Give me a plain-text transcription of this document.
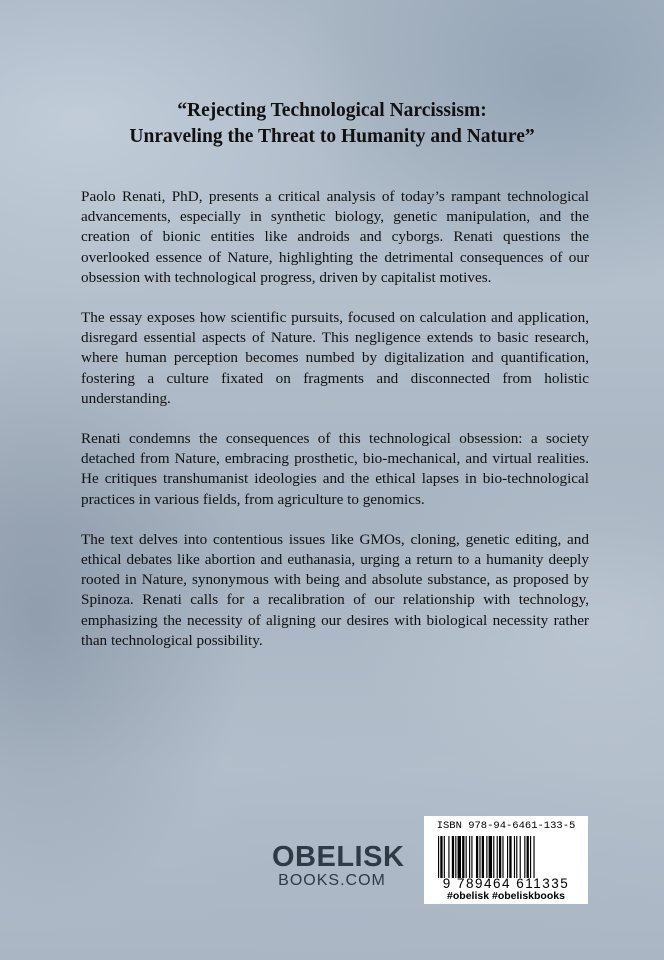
“Rejecting Technological Narcissism:
Unraveling the Threat to Humanity and Nature”

Paolo Renati, PhD, presents a critical analysis of today’s rampant technological advancements, especially in synthetic biology, genetic manipulation, and the creation of bionic entities like androids and cyborgs. Renati questions the overlooked essence of Nature, highlighting the detrimental consequences of our obsession with technological progress, driven by capitalist motives.

The essay exposes how scientific pursuits, focused on calculation and application, disregard essential aspects of Nature. This negligence extends to basic research, where human perception becomes numbed by digitalization and quantification, fostering a culture fixated on fragments and disconnected from holistic understanding.

Renati condemns the consequences of this technological obsession: a society detached from Nature, embracing prosthetic, bio-mechanical, and virtual realities. He critiques transhumanist ideologies and the ethical lapses in bio-technological practices in various fields, from agriculture to genomics.

The text delves into contentious issues like GMOs, cloning, genetic editing, and ethical debates like abortion and euthanasia, urging a return to a humanity deeply rooted in Nature, synonymous with being and absolute substance, as proposed by Spinoza. Renati calls for a recalibration of our relationship with technology, emphasizing the necessity of aligning our desires with biological necessity rather than technological possibility.

OBELISK
BOOKS.COM
ISBN 978-94-6461-133-5
9 789464 611335
#obelisk #obeliskbooks
